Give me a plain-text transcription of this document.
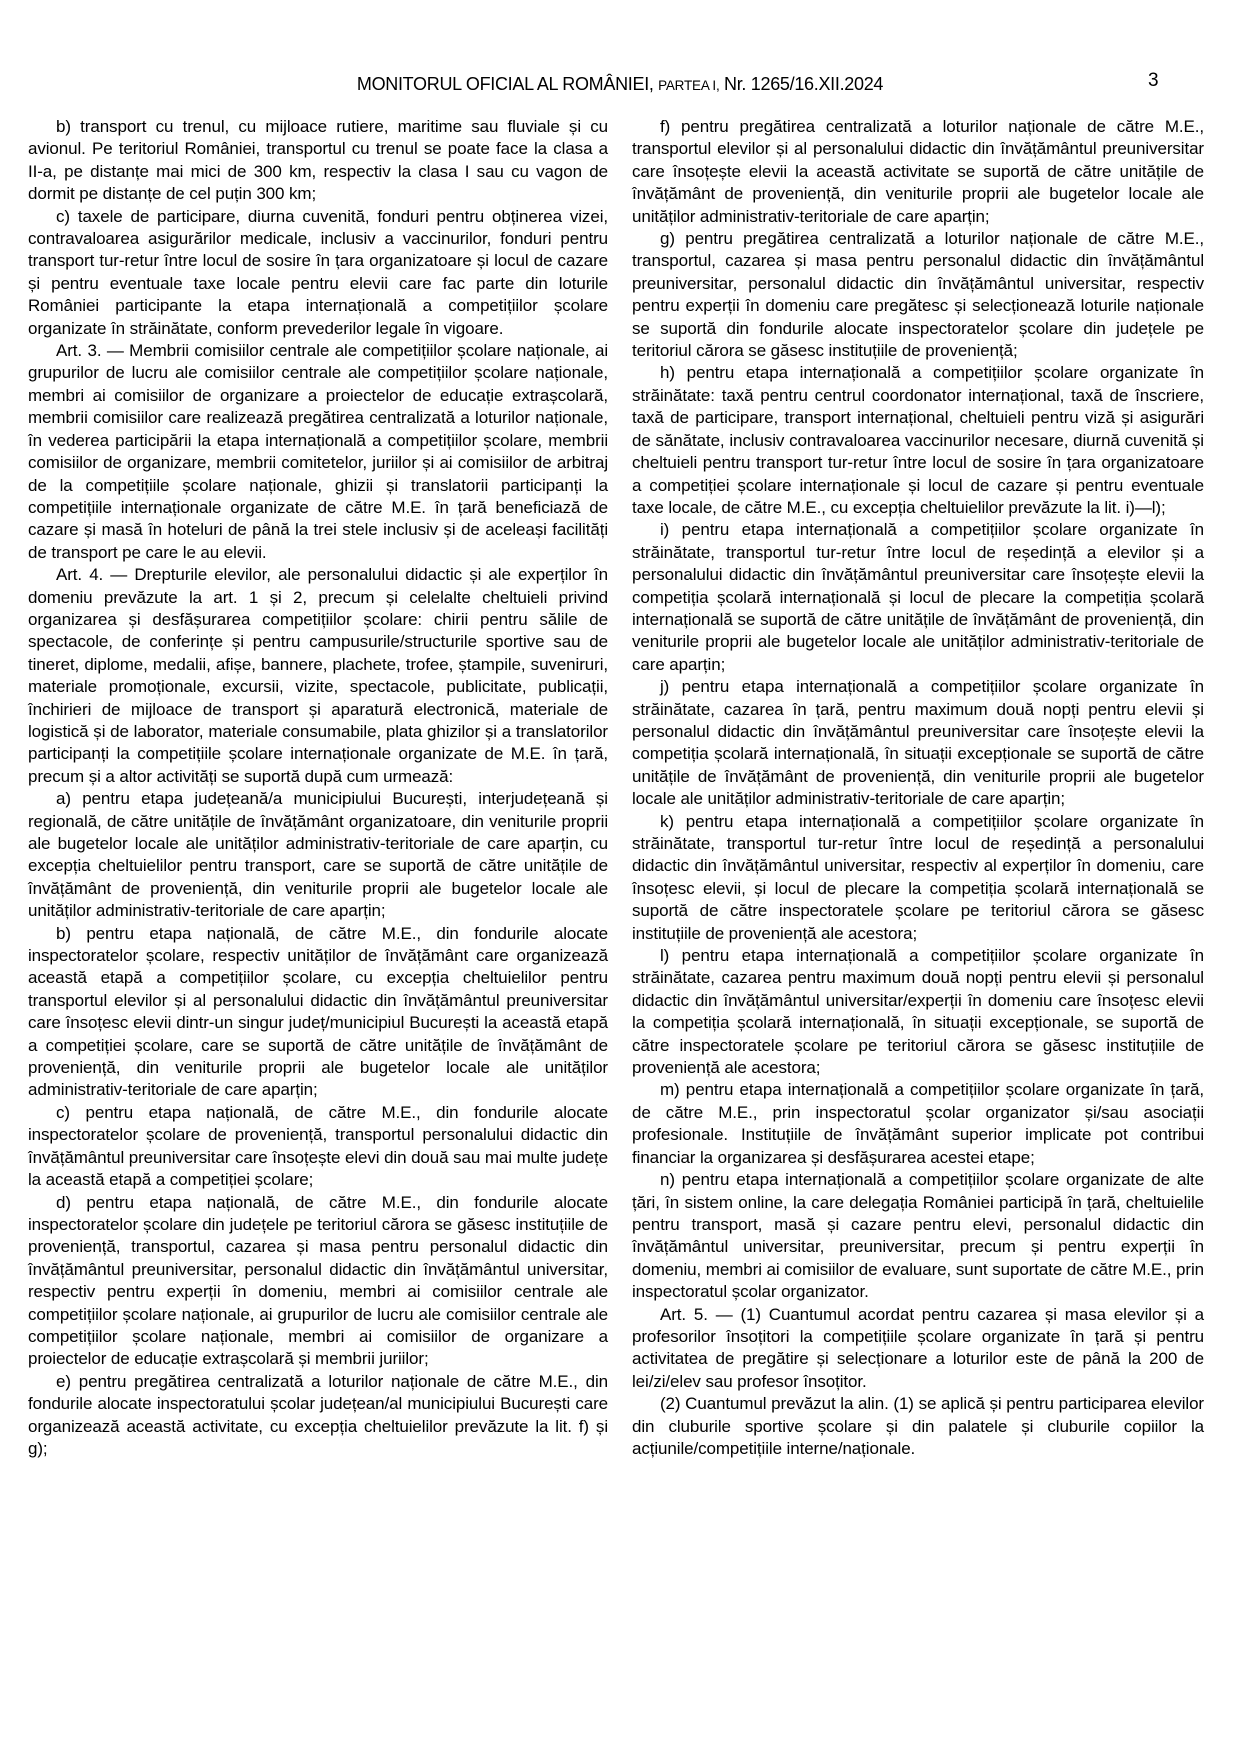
MONITORUL OFICIAL AL ROMÂNIEI, PARTEA I, Nr. 1265/16.XII.2024	3

b) transport cu trenul, cu mijloace rutiere, maritime sau fluviale și cu avionul. Pe teritoriul României, transportul cu trenul se poate face la clasa a II-a, pe distanțe mai mici de 300 km, respectiv la clasa I sau cu vagon de dormit pe distanțe de cel puțin 300 km;

c) taxele de participare, diurna cuvenită, fonduri pentru obținerea vizei, contravaloarea asigurărilor medicale, inclusiv a vaccinurilor, fonduri pentru transport tur-retur între locul de sosire în țara organizatoare și locul de cazare și pentru eventuale taxe locale pentru elevii care fac parte din loturile României participante la etapa internațională a competițiilor școlare organizate în străinătate, conform prevederilor legale în vigoare.

Art. 3. — Membrii comisiilor centrale ale competițiilor școlare naționale, ai grupurilor de lucru ale comisiilor centrale ale competițiilor școlare naționale, membri ai comisiilor de organizare a proiectelor de educație extrașcolară, membrii comisiilor care realizează pregătirea centralizată a loturilor naționale, în vederea participării la etapa internațională a competițiilor școlare, membrii comisiilor de organizare, membrii comitetelor, juriilor și ai comisiilor de arbitraj de la competițiile școlare naționale, ghizii și translatorii participanți la competițiile internaționale organizate de către M.E. în țară beneficiază de cazare și masă în hoteluri de până la trei stele inclusiv și de aceleași facilități de transport pe care le au elevii.

Art. 4. — Drepturile elevilor, ale personalului didactic și ale experților în domeniu prevăzute la art. 1 și 2, precum și celelalte cheltuieli privind organizarea și desfășurarea competițiilor școlare: chirii pentru sălile de spectacole, de conferințe și pentru campusurile/structurile sportive sau de tineret, diplome, medalii, afișe, bannere, plachete, trofee, ștampile, suveniruri, materiale promoționale, excursii, vizite, spectacole, publicitate, publicații, închirieri de mijloace de transport și aparatură electronică, materiale de logistică și de laborator, materiale consumabile, plata ghizilor și a translatorilor participanți la competițiile școlare internaționale organizate de M.E. în țară, precum și a altor activități se suportă după cum urmează:

a) pentru etapa județeană/a municipiului București, interjudețeană și regională, de către unitățile de învățământ organizatoare, din veniturile proprii ale bugetelor locale ale unităților administrativ-teritoriale de care aparțin, cu excepția cheltuielilor pentru transport, care se suportă de către unitățile de învățământ de proveniență, din veniturile proprii ale bugetelor locale ale unităților administrativ-teritoriale de care aparțin;

b) pentru etapa națională, de către M.E., din fondurile alocate inspectoratelor școlare, respectiv unităților de învățământ care organizează această etapă a competițiilor școlare, cu excepția cheltuielilor pentru transportul elevilor și al personalului didactic din învățământul preuniversitar care însoțesc elevii dintr-un singur județ/municipiul București la această etapă a competiției școlare, care se suportă de către unitățile de învățământ de proveniență, din veniturile proprii ale bugetelor locale ale unităților administrativ-teritoriale de care aparțin;

c) pentru etapa națională, de către M.E., din fondurile alocate inspectoratelor școlare de proveniență, transportul personalului didactic din învățământul preuniversitar care însoțește elevi din două sau mai multe județe la această etapă a competiției școlare;

d) pentru etapa națională, de către M.E., din fondurile alocate inspectoratelor școlare din județele pe teritoriul cărora se găsesc instituțiile de proveniență, transportul, cazarea și masa pentru personalul didactic din învățământul preuniversitar, personalul didactic din învățământul universitar, respectiv pentru experții în domeniu, membri ai comisiilor centrale ale competițiilor școlare naționale, ai grupurilor de lucru ale comisiilor centrale ale competițiilor școlare naționale, membri ai comisiilor de organizare a proiectelor de educație extrașcolară și membrii juriilor;

e) pentru pregătirea centralizată a loturilor naționale de către M.E., din fondurile alocate inspectoratului școlar județean/al municipiului București care organizează această activitate, cu excepția cheltuielilor prevăzute la lit. f) și g);

f) pentru pregătirea centralizată a loturilor naționale de către M.E., transportul elevilor și al personalului didactic din învățământul preuniversitar care însoțește elevii la această activitate se suportă de către unitățile de învățământ de proveniență, din veniturile proprii ale bugetelor locale ale unităților administrativ-teritoriale de care aparțin;

g) pentru pregătirea centralizată a loturilor naționale de către M.E., transportul, cazarea și masa pentru personalul didactic din învățământul preuniversitar, personalul didactic din învățământul universitar, respectiv pentru experții în domeniu care pregătesc și selecționează loturile naționale se suportă din fondurile alocate inspectoratelor școlare din județele pe teritoriul cărora se găsesc instituțiile de proveniență;

h) pentru etapa internațională a competițiilor școlare organizate în străinătate: taxă pentru centrul coordonator internațional, taxă de înscriere, taxă de participare, transport internațional, cheltuieli pentru viză și asigurări de sănătate, inclusiv contravaloarea vaccinurilor necesare, diurnă cuvenită și cheltuieli pentru transport tur-retur între locul de sosire în țara organizatoare a competiției școlare internaționale și locul de cazare și pentru eventuale taxe locale, de către M.E., cu excepția cheltuielilor prevăzute la lit. i)—l);

i) pentru etapa internațională a competițiilor școlare organizate în străinătate, transportul tur-retur între locul de reședință a elevilor și a personalului didactic din învățământul preuniversitar care însoțește elevii la competiția școlară internațională și locul de plecare la competiția școlară internațională se suportă de către unitățile de învățământ de proveniență, din veniturile proprii ale bugetelor locale ale unităților administrativ-teritoriale de care aparțin;

j) pentru etapa internațională a competițiilor școlare organizate în străinătate, cazarea în țară, pentru maximum două nopți pentru elevii și personalul didactic din învățământul preuniversitar care însoțește elevii la competiția școlară internațională, în situații excepționale se suportă de către unitățile de învățământ de proveniență, din veniturile proprii ale bugetelor locale ale unităților administrativ-teritoriale de care aparțin;

k) pentru etapa internațională a competițiilor școlare organizate în străinătate, transportul tur-retur între locul de reședință a personalului didactic din învățământul universitar, respectiv al experților în domeniu, care însoțesc elevii, și locul de plecare la competiția școlară internațională se suportă de către inspectoratele școlare pe teritoriul cărora se găsesc instituțiile de proveniență ale acestora;

l) pentru etapa internațională a competițiilor școlare organizate în străinătate, cazarea pentru maximum două nopți pentru elevii și personalul didactic din învățământul universitar/experții în domeniu care însoțesc elevii la competiția școlară internațională, în situații excepționale, se suportă de către inspectoratele școlare pe teritoriul cărora se găsesc instituțiile de proveniență ale acestora;

m) pentru etapa internațională a competițiilor școlare organizate în țară, de către M.E., prin inspectoratul școlar organizator și/sau asociații profesionale. Instituțiile de învățământ superior implicate pot contribui financiar la organizarea și desfășurarea acestei etape;

n) pentru etapa internațională a competițiilor școlare organizate de alte țări, în sistem online, la care delegația României participă în țară, cheltuielile pentru transport, masă și cazare pentru elevi, personalul didactic din învățământul universitar, preuniversitar, precum și pentru experții în domeniu, membri ai comisiilor de evaluare, sunt suportate de către M.E., prin inspectoratul școlar organizator.

Art. 5. — (1) Cuantumul acordat pentru cazarea și masa elevilor și a profesorilor însoțitori la competițiile școlare organizate în țară și pentru activitatea de pregătire și selecționare a loturilor este de până la 200 de lei/zi/elev sau profesor însoțitor.

(2) Cuantumul prevăzut la alin. (1) se aplică și pentru participarea elevilor din cluburile sportive școlare și din palatele și cluburile copiilor la acțiunile/competițiile interne/naționale.
